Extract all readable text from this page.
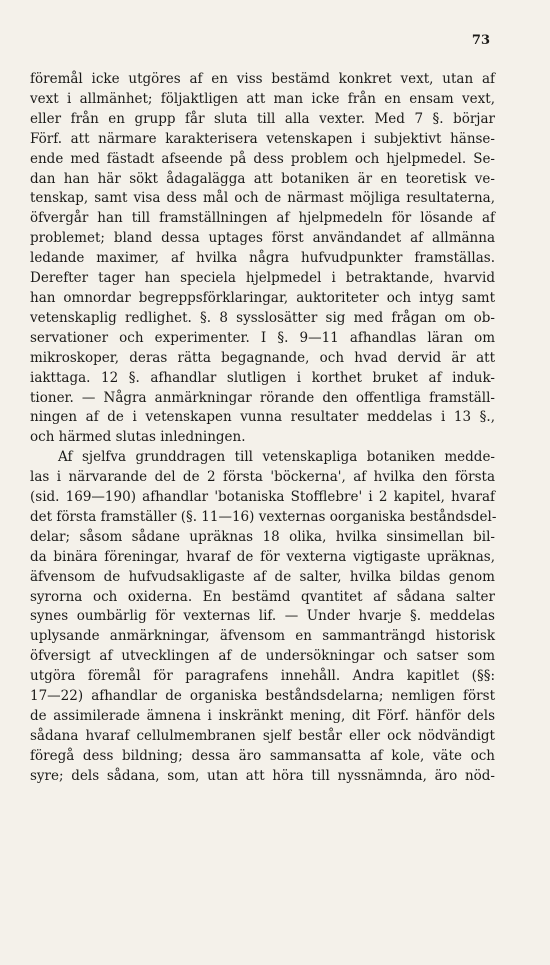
73
föremål icke utgöres af en viss bestämd konkret vext, utan af
vext i allmänhet; följaktligen att man icke från en ensam vext,
eller från en grupp får sluta till alla vexter. Med 7 §. börjar
Förf. att närmare karakterisera vetenskapen i subjektivt hänse-
ende med fästadt afseende på dess problem och hjelpmedel. Se-
dan han här sökt ådagalägga att botaniken är en teoretisk ve-
tenskap, samt visa dess mål och de närmast möjliga resultaterna,
öfvergår han till framställningen af hjelpmedeln för lösande af
problemet; bland dessa uptages först användandet af allmänna
ledande maximer, af hvilka några hufvudpunkter framställas.
Derefter tager han speciela hjelpmedel i betraktande, hvarvid
han omnordar begreppsförklaringar, auktoriteter och intyg samt
vetenskaplig redlighet. §. 8 sysslosätter sig med frågan om ob-
servationer och experimenter. I §. 9—11 afhandlas läran om
mikroskoper, deras rätta begagnande, och hvad dervid är att
iakttaga. 12 §. afhandlar slutligen i korthet bruket af induk-
tioner. — Några anmärkningar rörande den offentliga framställ-
ningen af de i vetenskapen vunna resultater meddelas i 13 §.,
och härmed slutas inledningen.
Af sjelfva grunddragen till vetenskapliga botaniken medde-
las i närvarande del de 2 första 'böckerna', af hvilka den första
(sid. 169—190) afhandlar 'botaniska Stofflebre' i 2 kapitel, hvaraf
det första framställer (§. 11—16) vexternas oorganiska beståndsdel-
delar; såsom sådane upräknas 18 olika, hvilka sinsimellan bil-
da binära föreningar, hvaraf de för vexterna vigtigaste upräknas,
äfvensom de hufvudsakligaste af de salter, hvilka bildas genom
syrorna och oxiderna. En bestämd qvantitet af sådana salter
synes oumbärlig för vexternas lif. — Under hvarje §. meddelas
uplysande anmärkningar, äfvensom en sammanträngd historisk
öfversigt af utvecklingen af de undersökningar och satser som
utgöra föremål för paragrafens innehåll. Andra kapitlet (§§:
17—22) afhandlar de organiska beståndsdelarna; nemligen först
de assimilerade ämnena i inskränkt mening, dit Förf. hänför dels
sådana hvaraf cellulmembranen sjelf består eller ock nödvändigt
föregå dess bildning; dessa äro sammansatta af kole, väte och
syre; dels sådana, som, utan att höra till nyssnämnda, äro nöd-
